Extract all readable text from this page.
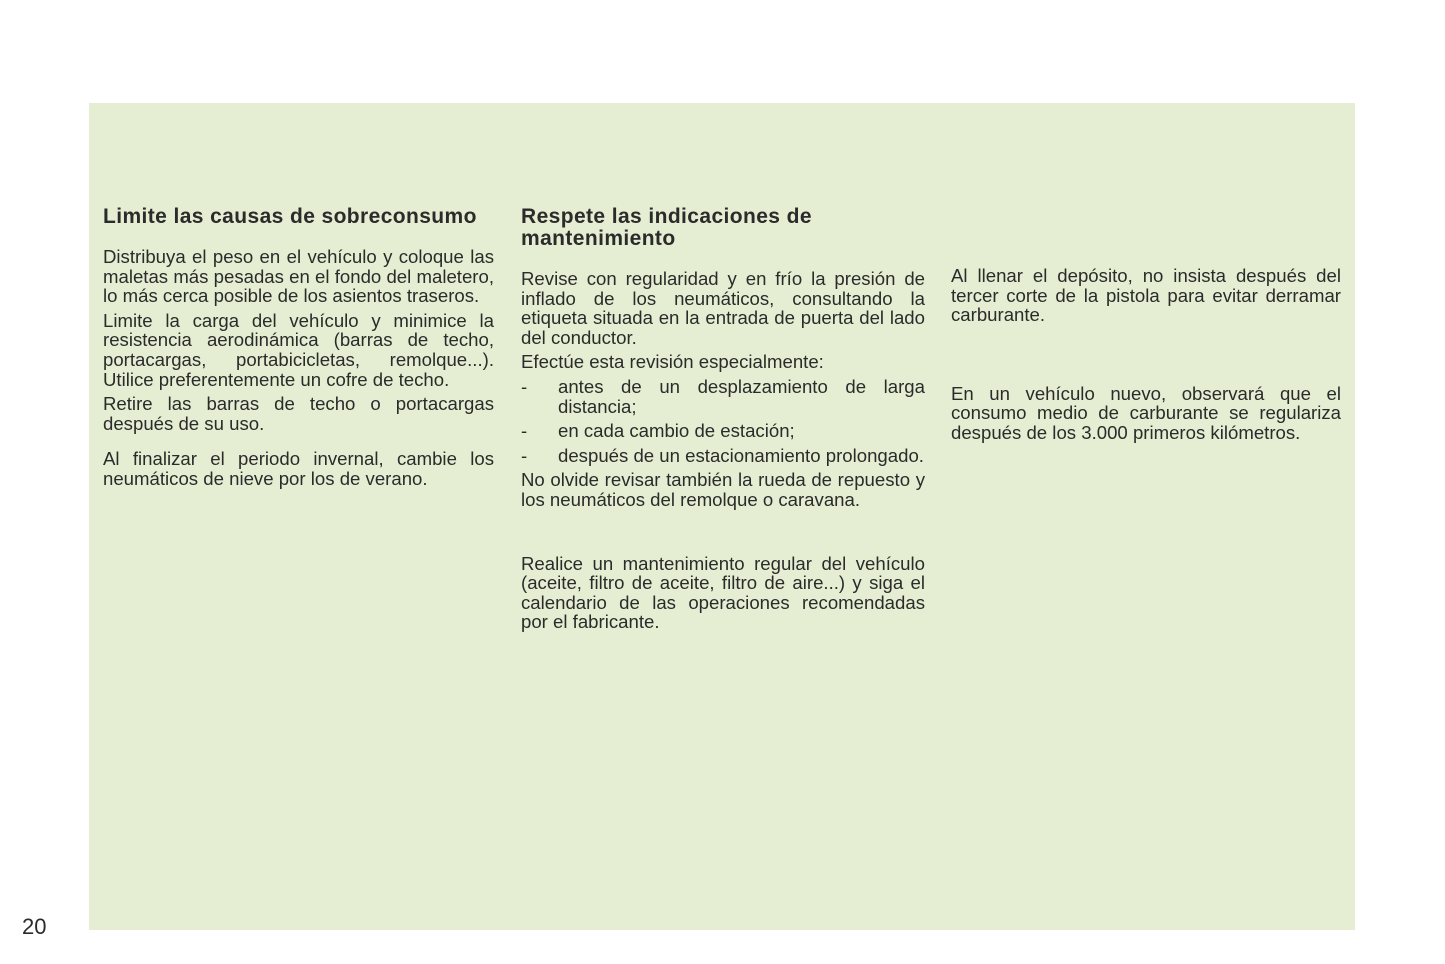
Limite las causas de sobreconsumo

Distribuya el peso en el vehículo y coloque las maletas más pesadas en el fondo del maletero, lo más cerca posible de los asientos traseros.

Limite la carga del vehículo y minimice la resistencia aerodinámica (barras de techo, portacargas, portabicicletas, remolque...). Utilice preferentemente un cofre de techo.

Retire las barras de techo o portacargas después de su uso.

Al finalizar el periodo invernal, cambie los neumáticos de nieve por los de verano.

Respete las indicaciones de mantenimiento

Revise con regularidad y en frío la presión de inflado de los neumáticos, consultando la etiqueta situada en la entrada de puerta del lado del conductor.

Efectúe esta revisión especialmente:

- antes de un desplazamiento de larga distancia;
- en cada cambio de estación;
- después de un estacionamiento prolongado.

No olvide revisar también la rueda de repuesto y los neumáticos del remolque o caravana.

Realice un mantenimiento regular del vehículo (aceite, filtro de aceite, filtro de aire...) y siga el calendario de las operaciones recomendadas por el fabricante.

Al llenar el depósito, no insista después del tercer corte de la pistola para evitar derramar carburante.

En un vehículo nuevo, observará que el consumo medio de carburante se regulariza después de los 3.000 primeros kilómetros.

20
